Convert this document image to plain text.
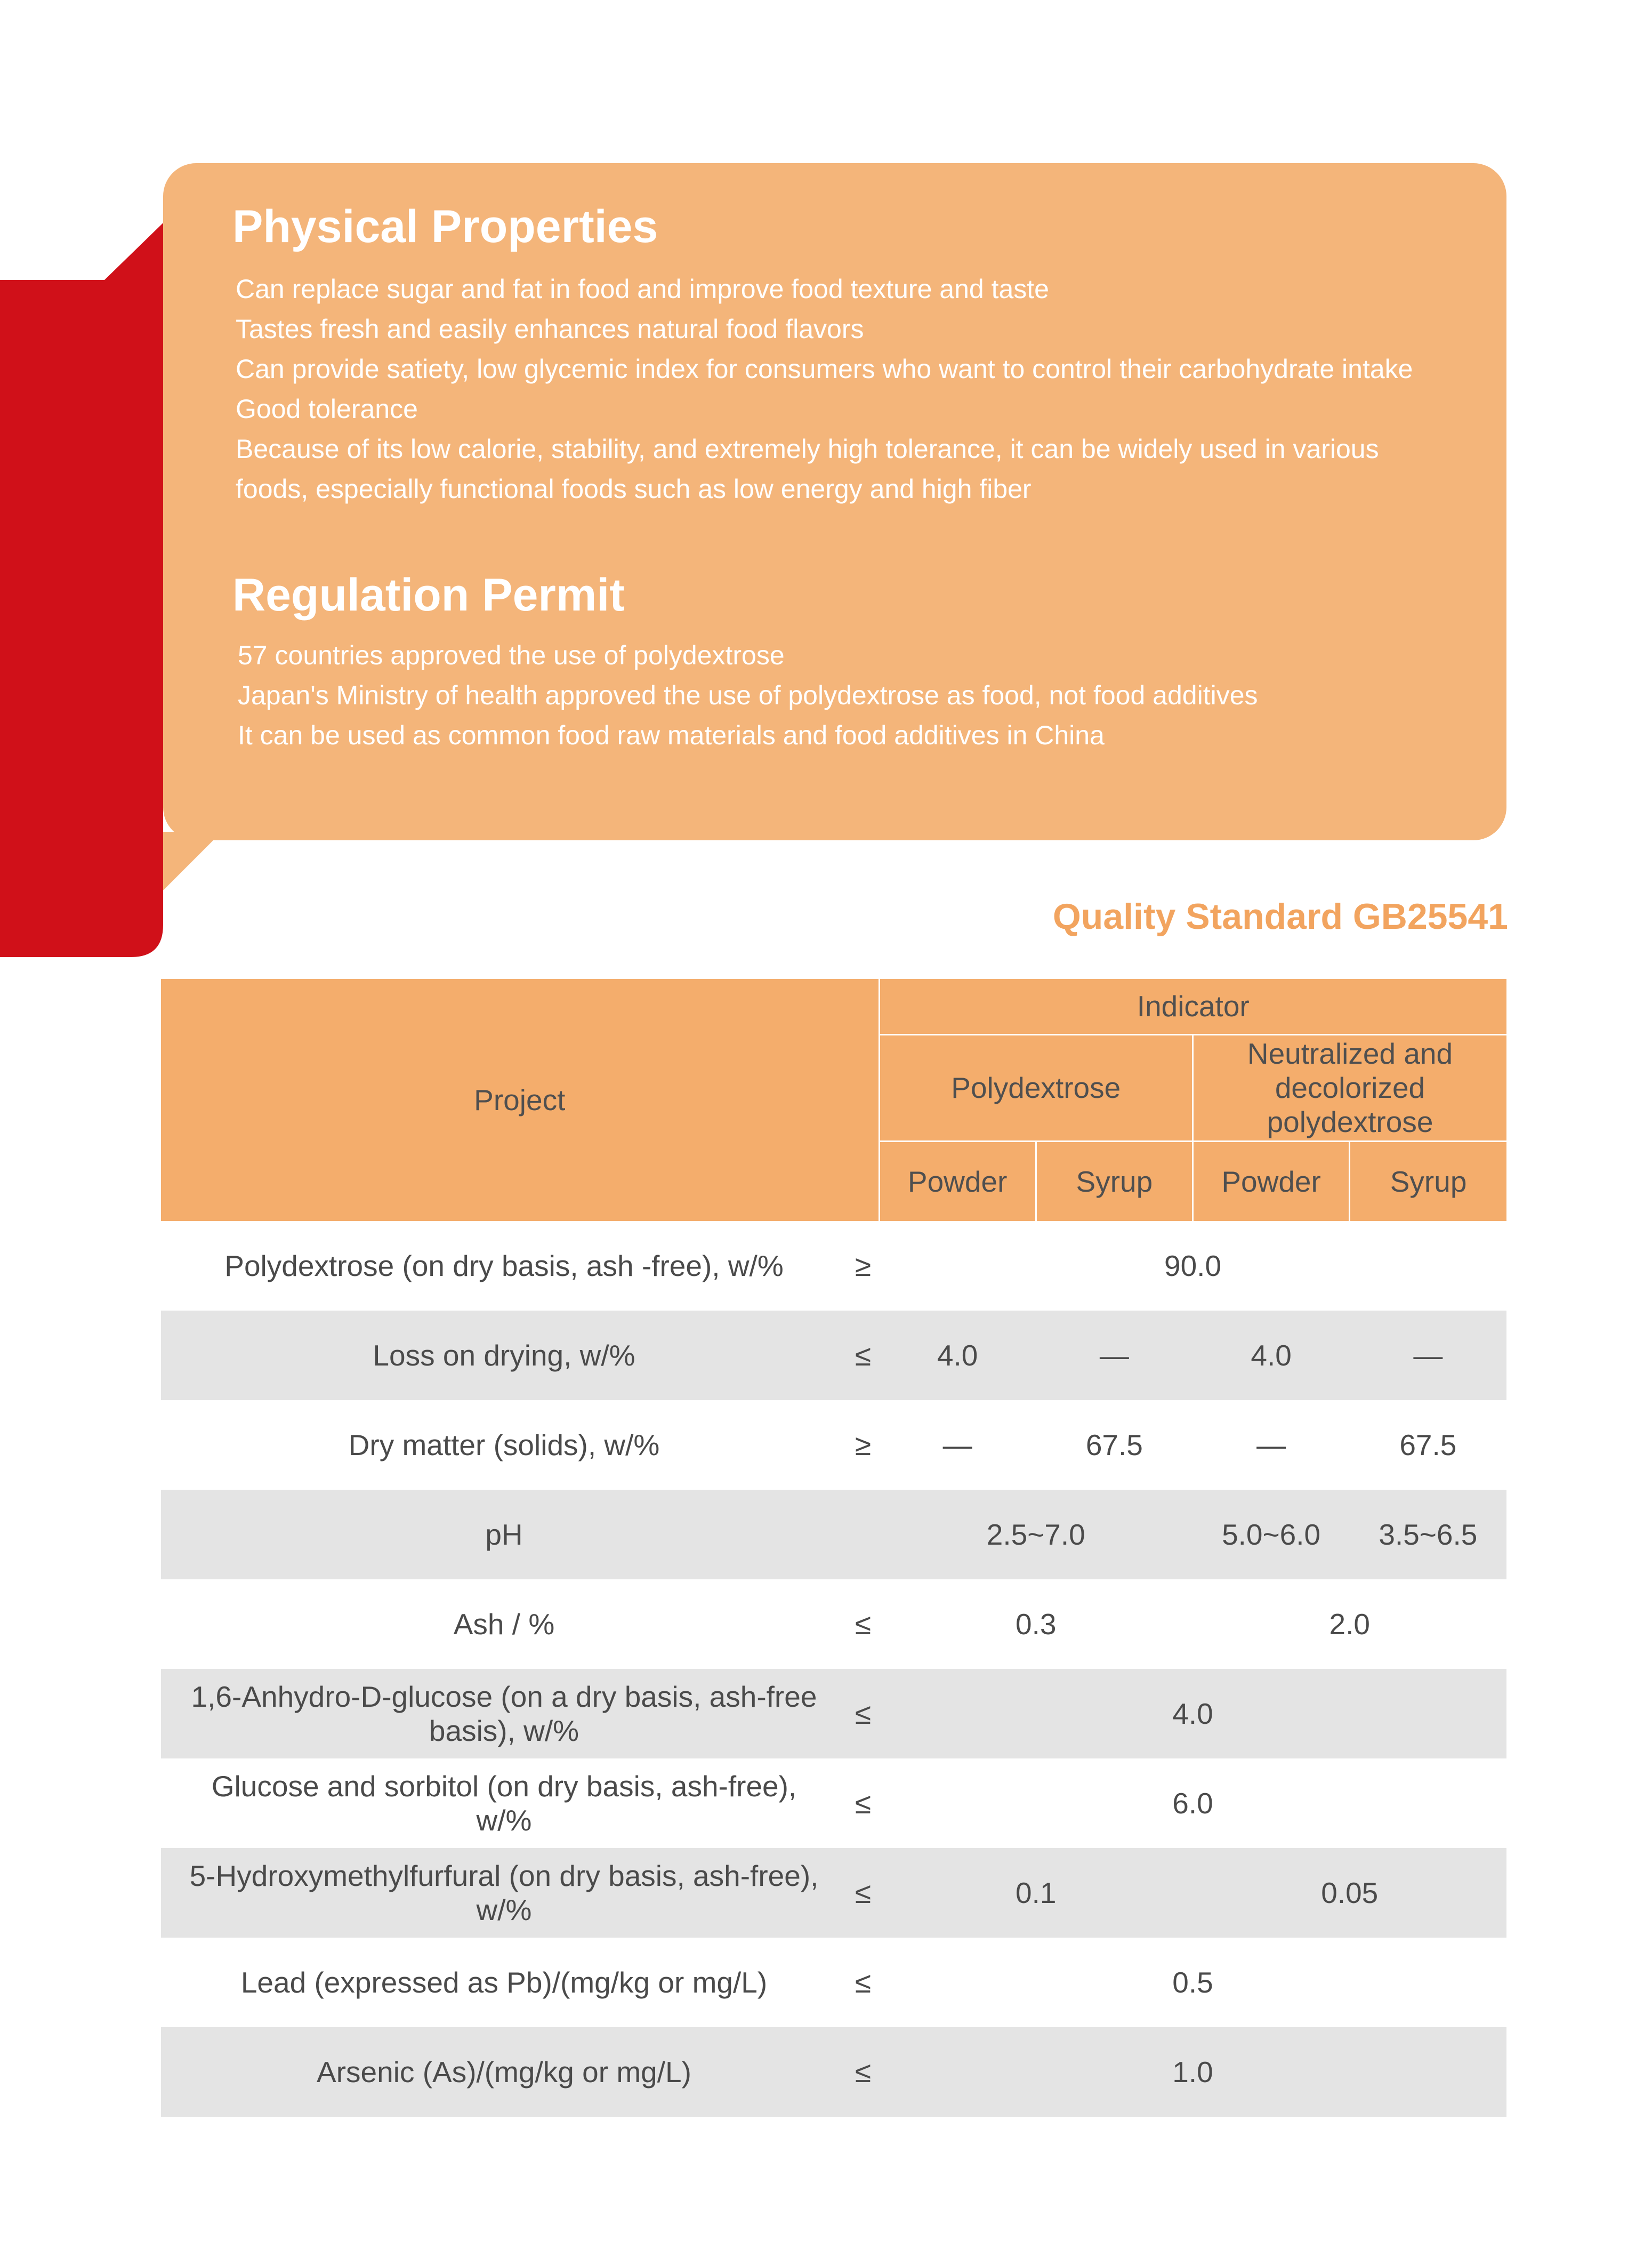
Physical Properties
Can replace sugar and fat in food and improve food texture and taste
Tastes fresh and easily enhances natural food flavors
Can provide satiety, low glycemic index for consumers who want to control their carbohydrate intake
Good tolerance
Because of its low calorie, stability, and extremely high tolerance, it can be widely used in various foods, especially functional foods such as low energy and high fiber
Regulation Permit
57 countries approved the use of polydextrose
Japan's Ministry of health approved the use of polydextrose as food, not food additives
It can be used as common food raw materials and food additives in China
Quality Standard GB25541
Project		Indicator			
		Polydextrose		Neutralized and decolorized polydextrose	
		Powder	Syrup	Powder	Syrup
Polydextrose (on dry basis, ash -free), w/%	≥	90.0			
Loss on drying, w/%	≤	4.0	—	4.0	—
Dry matter (solids), w/%	≥	—	67.5	—	67.5
pH		2.5~7.0		5.0~6.0	3.5~6.5
Ash / %	≤	0.3		2.0	
1,6-Anhydro-D-glucose (on a dry basis, ash-free basis), w/%	≤	4.0			
Glucose and sorbitol (on dry basis, ash-free), w/%	≤	6.0			
5-Hydroxymethylfurfural (on dry basis, ash-free), w/%	≤	0.1		0.05	
Lead (expressed as Pb)/(mg/kg or mg/L)	≤	0.5			
Arsenic (As)/(mg/kg or mg/L)	≤	1.0			
